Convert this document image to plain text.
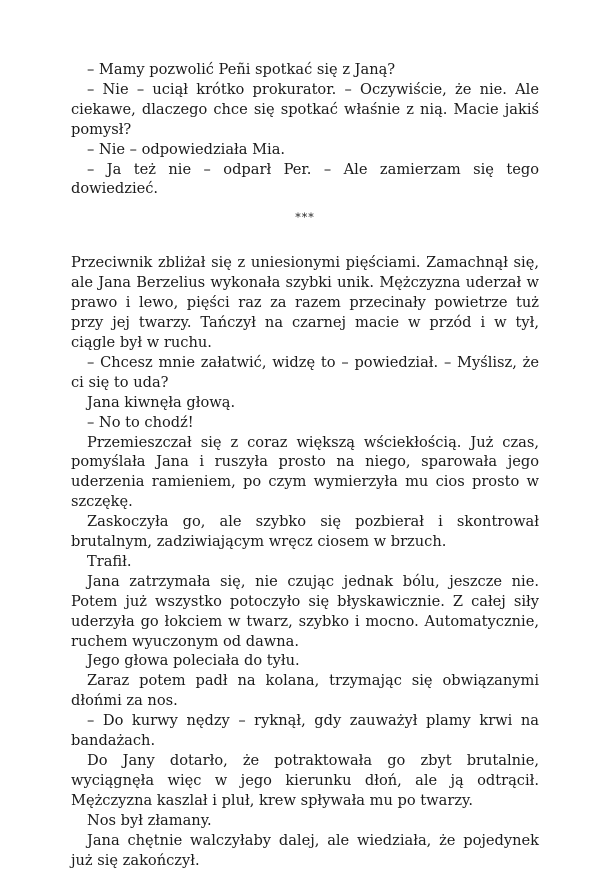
– Mamy pozwolić Peñi spotkać się z Janą?

– Nie – uciął krótko prokurator. – Oczywiście, że nie. Ale ciekawe, dlaczego chce się spotkać właśnie z nią. Macie jakiś pomysł?

– Nie – odpowiedziała Mia.

– Ja też nie – odparł Per. – Ale zamierzam się tego dowiedzieć.

***

Przeciwnik zbliżał się z uniesionymi pięściami. Zamachnął się, ale Jana Berzelius wykonała szybki unik. Mężczyzna uderzał w prawo i lewo, pięści raz za razem przecinały powietrze tuż przy jej twarzy. Tańczył na czarnej macie w przód i w tył, ciągle był w ruchu.

– Chcesz mnie załatwić, widzę to – powiedział. – Myślisz, że ci się to uda?

Jana kiwnęła głową.

– No to chodź!

Przemieszczał się z coraz większą wściekłością. Już czas, pomyślała Jana i ruszyła prosto na niego, sparowała jego uderzenia ramieniem, po czym wymierzyła mu cios prosto w szczękę.

Zaskoczyła go, ale szybko się pozbierał i skontrował brutalnym, zadziwiającym wręcz ciosem w brzuch.

Trafił.

Jana zatrzymała się, nie czując jednak bólu, jeszcze nie. Potem już wszystko potoczyło się błyskawicznie. Z całej siły uderzyła go łokciem w twarz, szybko i mocno. Automatycznie, ruchem wyuczonym od dawna.

Jego głowa poleciała do tyłu.

Zaraz potem padł na kolana, trzymając się obwiązanymi dłońmi za nos.

– Do kurwy nędzy – ryknął, gdy zauważył plamy krwi na bandażach.

Do Jany dotarło, że potraktowała go zbyt brutalnie, wyciągnęła więc w jego kierunku dłoń, ale ją odtrącił. Mężczyzna kaszlał i pluł, krew spływała mu po twarzy.

Nos był złamany.

Jana chętnie walczyłaby dalej, ale wiedziała, że pojedynek już się zakończył.
